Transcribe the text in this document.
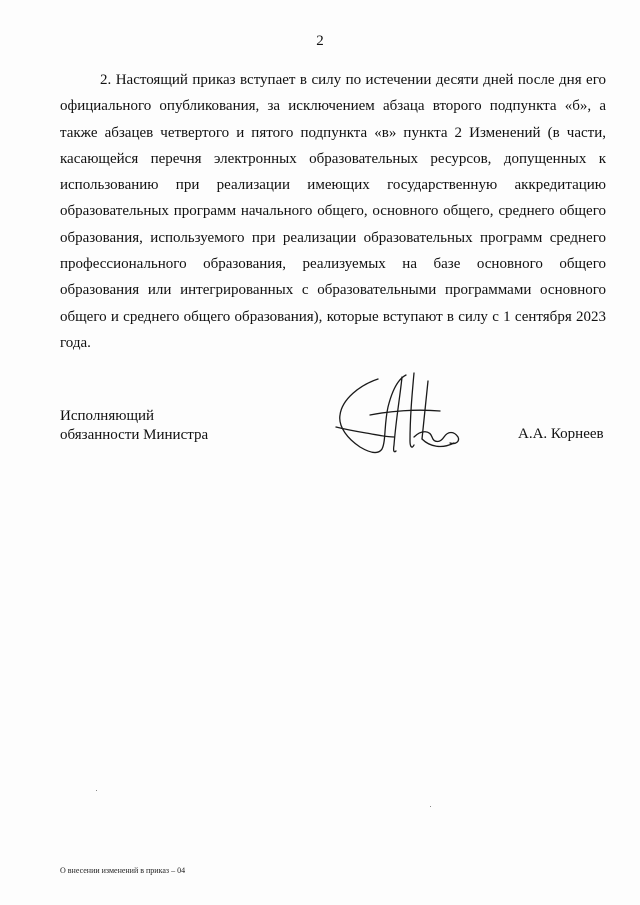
2

2. Настоящий приказ вступает в силу по истечении десяти дней после дня его официального опубликования, за исключением абзаца второго подпункта «б», а также абзацев четвертого и пятого подпункта «в» пункта 2 Изменений (в части, касающейся перечня электронных образовательных ресурсов, допущенных к использованию при реализации имеющих государственную аккредитацию образовательных программ начального общего, основного общего, среднего общего образования, используемого при реализации образовательных программ среднего профессионального образования, реализуемых на базе основного общего образования или интегрированных с образовательными программами основного общего и среднего общего образования), которые вступают в силу с 1 сентября 2023 года.

Исполняющий
обязанности Министра	А.А. Корнеев
О внесении изменений в приказ – 04
